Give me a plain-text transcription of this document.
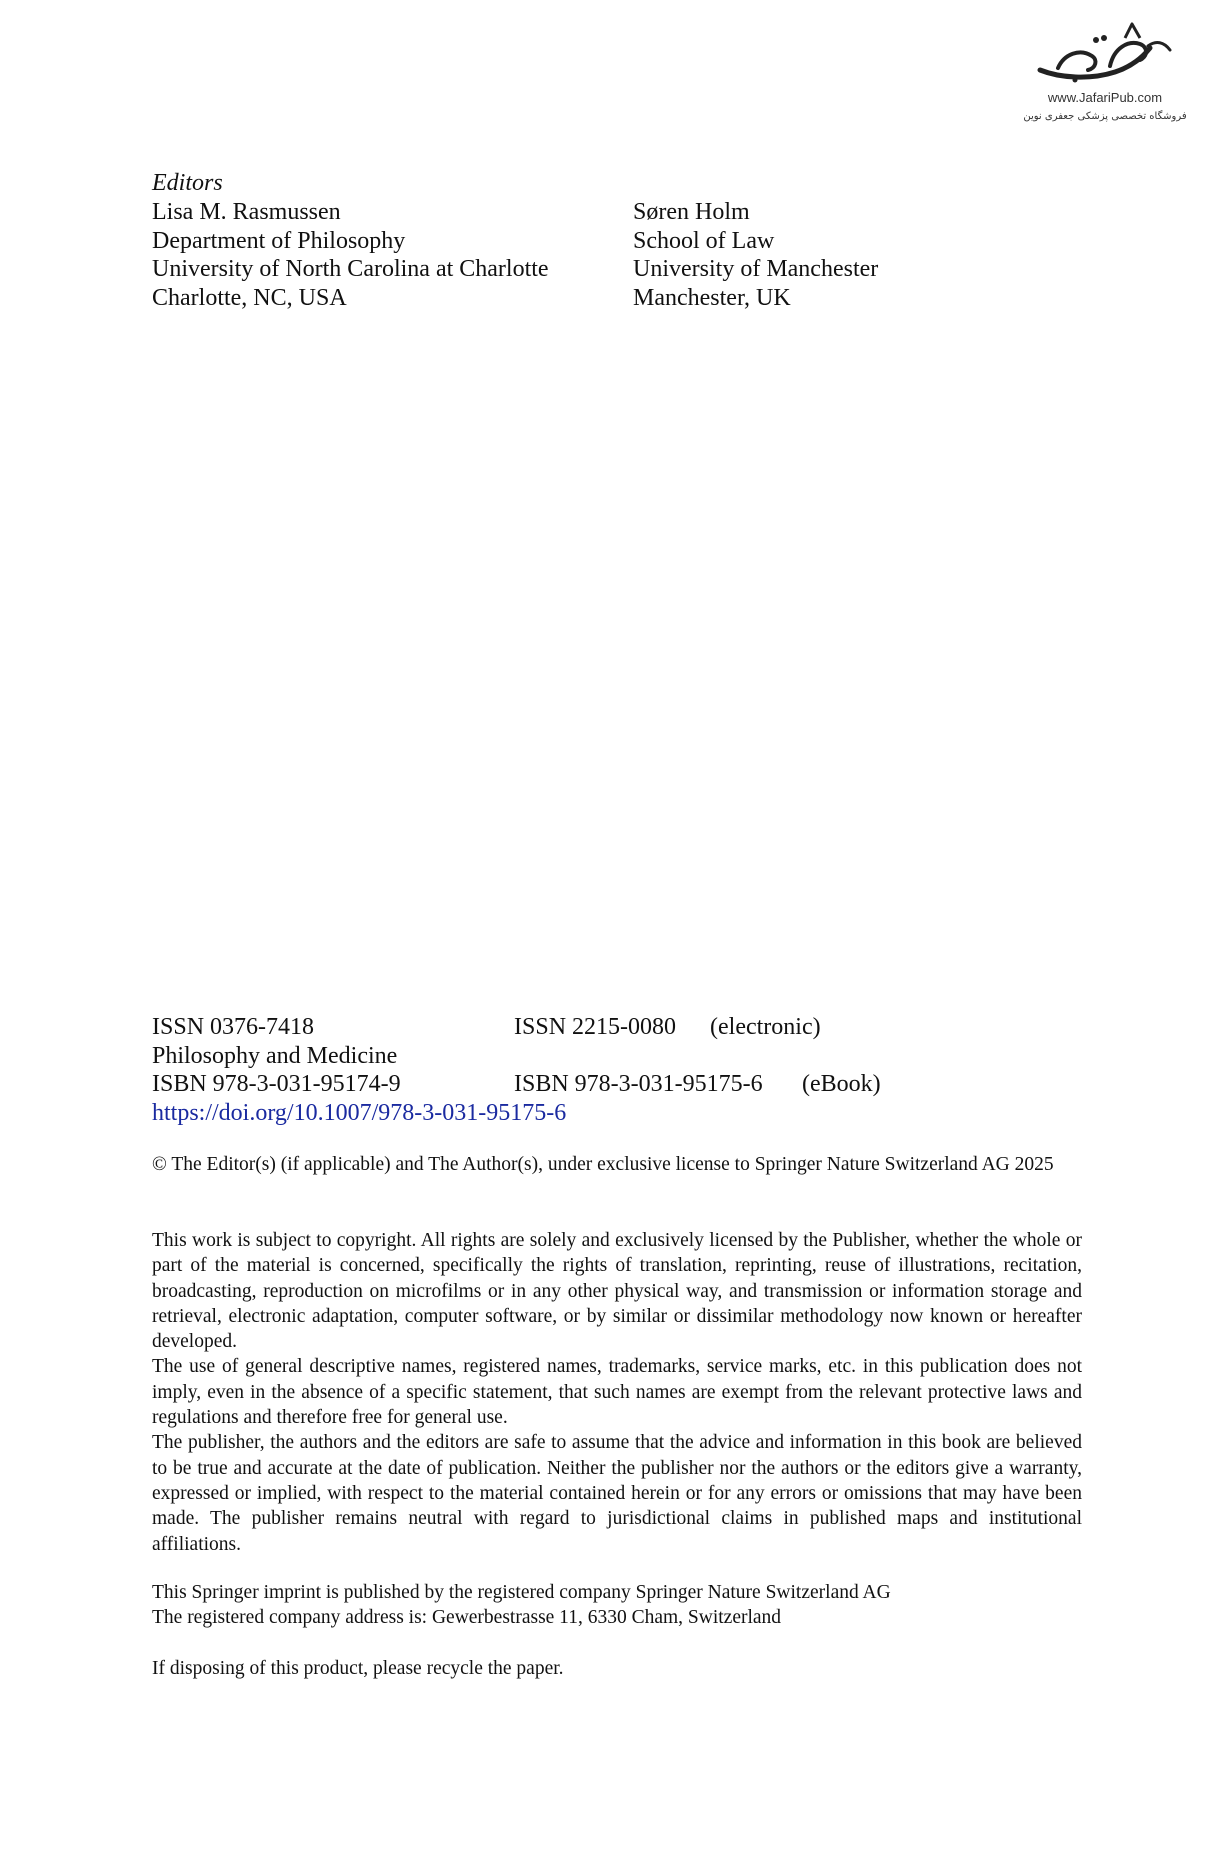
www.JafariPub.com
فروشگاه تخصصی پزشکی جعفری نوین
Editors
Lisa M. Rasmussen
Department of Philosophy
University of North Carolina at Charlotte
Charlotte, NC, USA
Søren Holm
School of Law
University of Manchester
Manchester, UK
ISSN 0376-7418	ISSN 2215-0080 (electronic)
Philosophy and Medicine
ISBN 978-3-031-95174-9	ISBN 978-3-031-95175-6 (eBook)
https://doi.org/10.1007/978-3-031-95175-6
© The Editor(s) (if applicable) and The Author(s), under exclusive license to Springer Nature Switzerland AG 2025

This work is subject to copyright. All rights are solely and exclusively licensed by the Publisher, whether the whole or part of the material is concerned, specifically the rights of translation, reprinting, reuse of illustrations, recitation, broadcasting, reproduction on microfilms or in any other physical way, and transmission or information storage and retrieval, electronic adaptation, computer software, or by similar or dissimilar methodology now known or hereafter developed.

The use of general descriptive names, registered names, trademarks, service marks, etc. in this publication does not imply, even in the absence of a specific statement, that such names are exempt from the relevant protective laws and regulations and therefore free for general use.

The publisher, the authors and the editors are safe to assume that the advice and information in this book are believed to be true and accurate at the date of publication. Neither the publisher nor the authors or the editors give a warranty, expressed or implied, with respect to the material contained herein or for any errors or omissions that may have been made. The publisher remains neutral with regard to jurisdictional claims in published maps and institutional affiliations.

This Springer imprint is published by the registered company Springer Nature Switzerland AG
The registered company address is: Gewerbestrasse 11, 6330 Cham, Switzerland
If disposing of this product, please recycle the paper.
